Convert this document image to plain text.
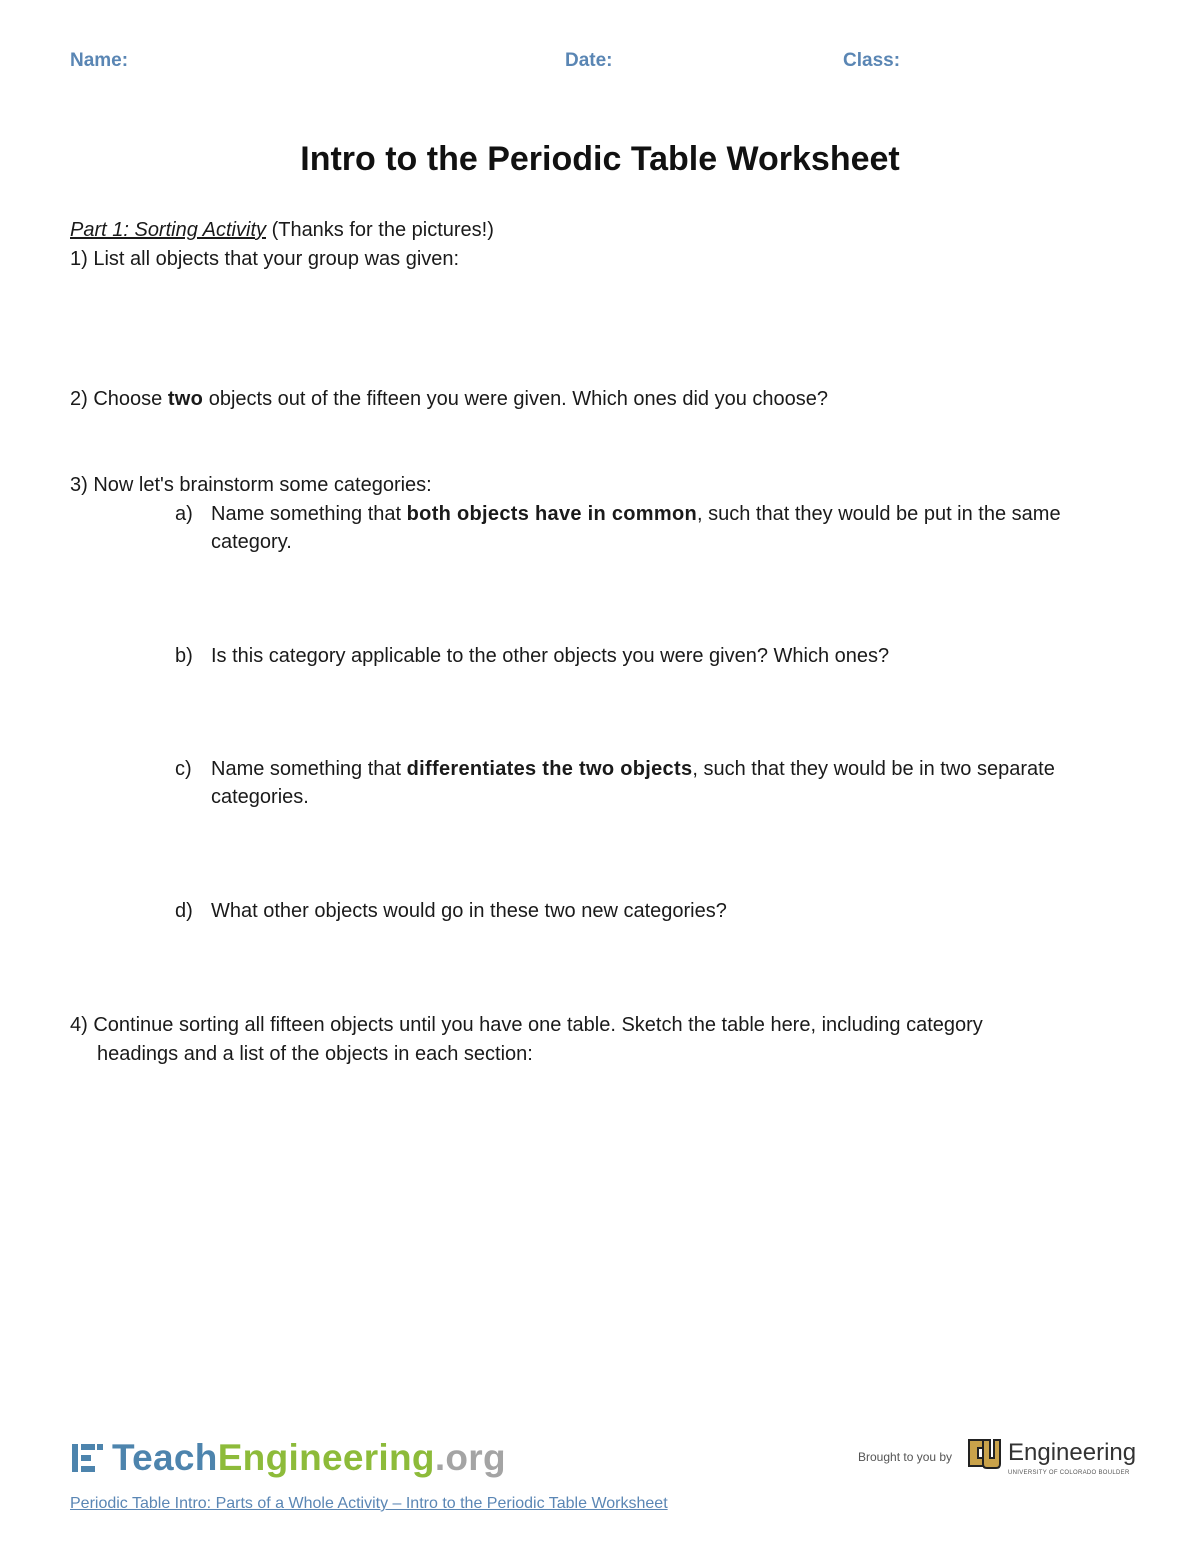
Name:	Date:	Class:
Intro to the Periodic Table Worksheet
Part 1: Sorting Activity (Thanks for the pictures!)
1) List all objects that your group was given:
2) Choose two objects out of the fifteen you were given. Which ones did you choose?
3) Now let's brainstorm some categories:
a) Name something that both objects have in common, such that they would be put in the same category.
b) Is this category applicable to the other objects you were given? Which ones?
c) Name something that differentiates the two objects, such that they would be in two separate categories.
d) What other objects would go in these two new categories?
4) Continue sorting all fifteen objects until you have one table. Sketch the table here, including category
headings and a list of the objects in each section:
TeachEngineering.org	Brought to you by Engineering
UNIVERSITY OF COLORADO BOULDER
Periodic Table Intro: Parts of a Whole Activity – Intro to the Periodic Table Worksheet
